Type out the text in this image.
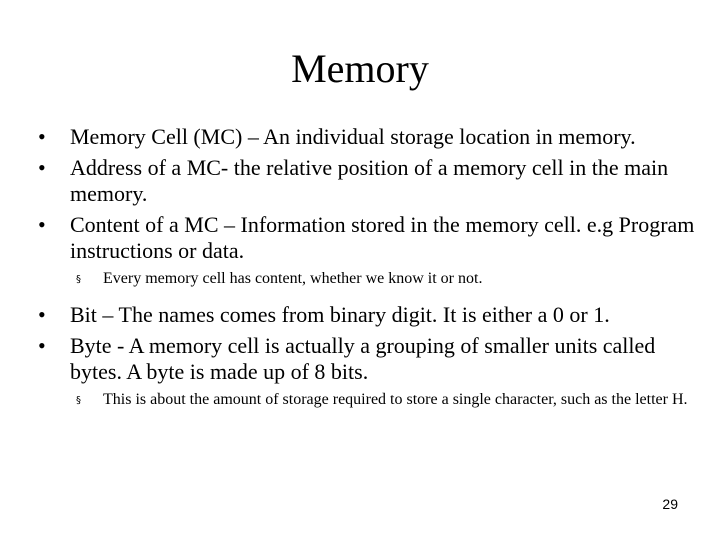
Memory
•	Memory Cell (MC) – An individual storage location in memory.
•	Address of a MC- the relative position of a memory cell in the main memory.
•	Content of a MC – Information stored in the memory cell. e.g Program instructions or data.
§ Every memory cell has content, whether we know it or not.
•	Bit – The names comes from binary digit. It is either a 0 or 1.
•	Byte - A memory cell is actually a grouping of smaller units called bytes. A byte is made up of 8 bits.
§ This is about the amount of storage required to store a single character, such as the letter H.
29
